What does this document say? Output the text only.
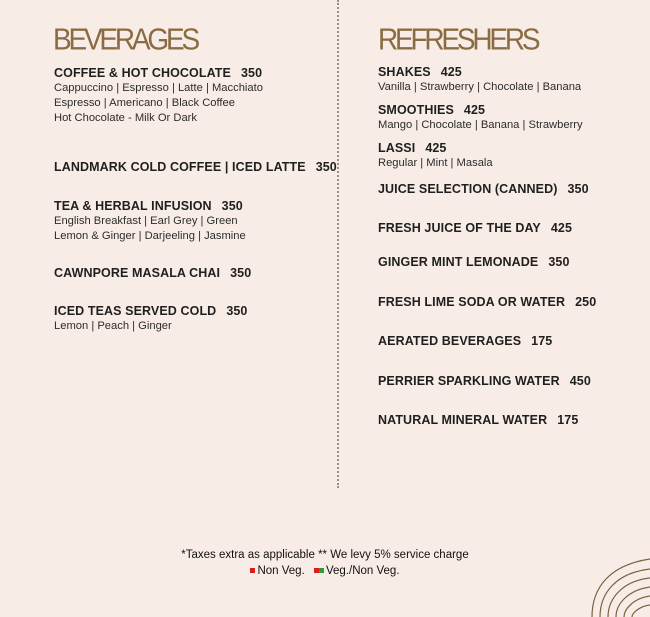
BEVERAGES	REFRESHERS
COFFEE & HOT CHOCOLATE 350
Cappuccino | Espresso | Latte | Macchiato
Espresso | Americano | Black Coffee
Hot Chocolate - Milk Or Dark
LANDMARK COLD COFFEE | ICED LATTE 350
TEA & HERBAL INFUSION 350
English Breakfast | Earl Grey | Green
Lemon & Ginger | Darjeeling | Jasmine
CAWNPORE MASALA CHAI 350
ICED TEAS SERVED COLD 350
Lemon | Peach | Ginger
SHAKES 425
Vanilla | Strawberry | Chocolate | Banana
SMOOTHIES 425
Mango | Chocolate | Banana | Strawberry
LASSI 425
Regular | Mint | Masala
JUICE SELECTION (CANNED) 350
FRESH JUICE OF THE DAY 425
GINGER MINT LEMONADE 350
FRESH LIME SODA OR WATER 250
AERATED BEVERAGES 175
PERRIER SPARKLING WATER 450
NATURAL MINERAL WATER 175
*Taxes extra as applicable ** We levy 5% service charge
Non Veg. Veg./Non Veg.
